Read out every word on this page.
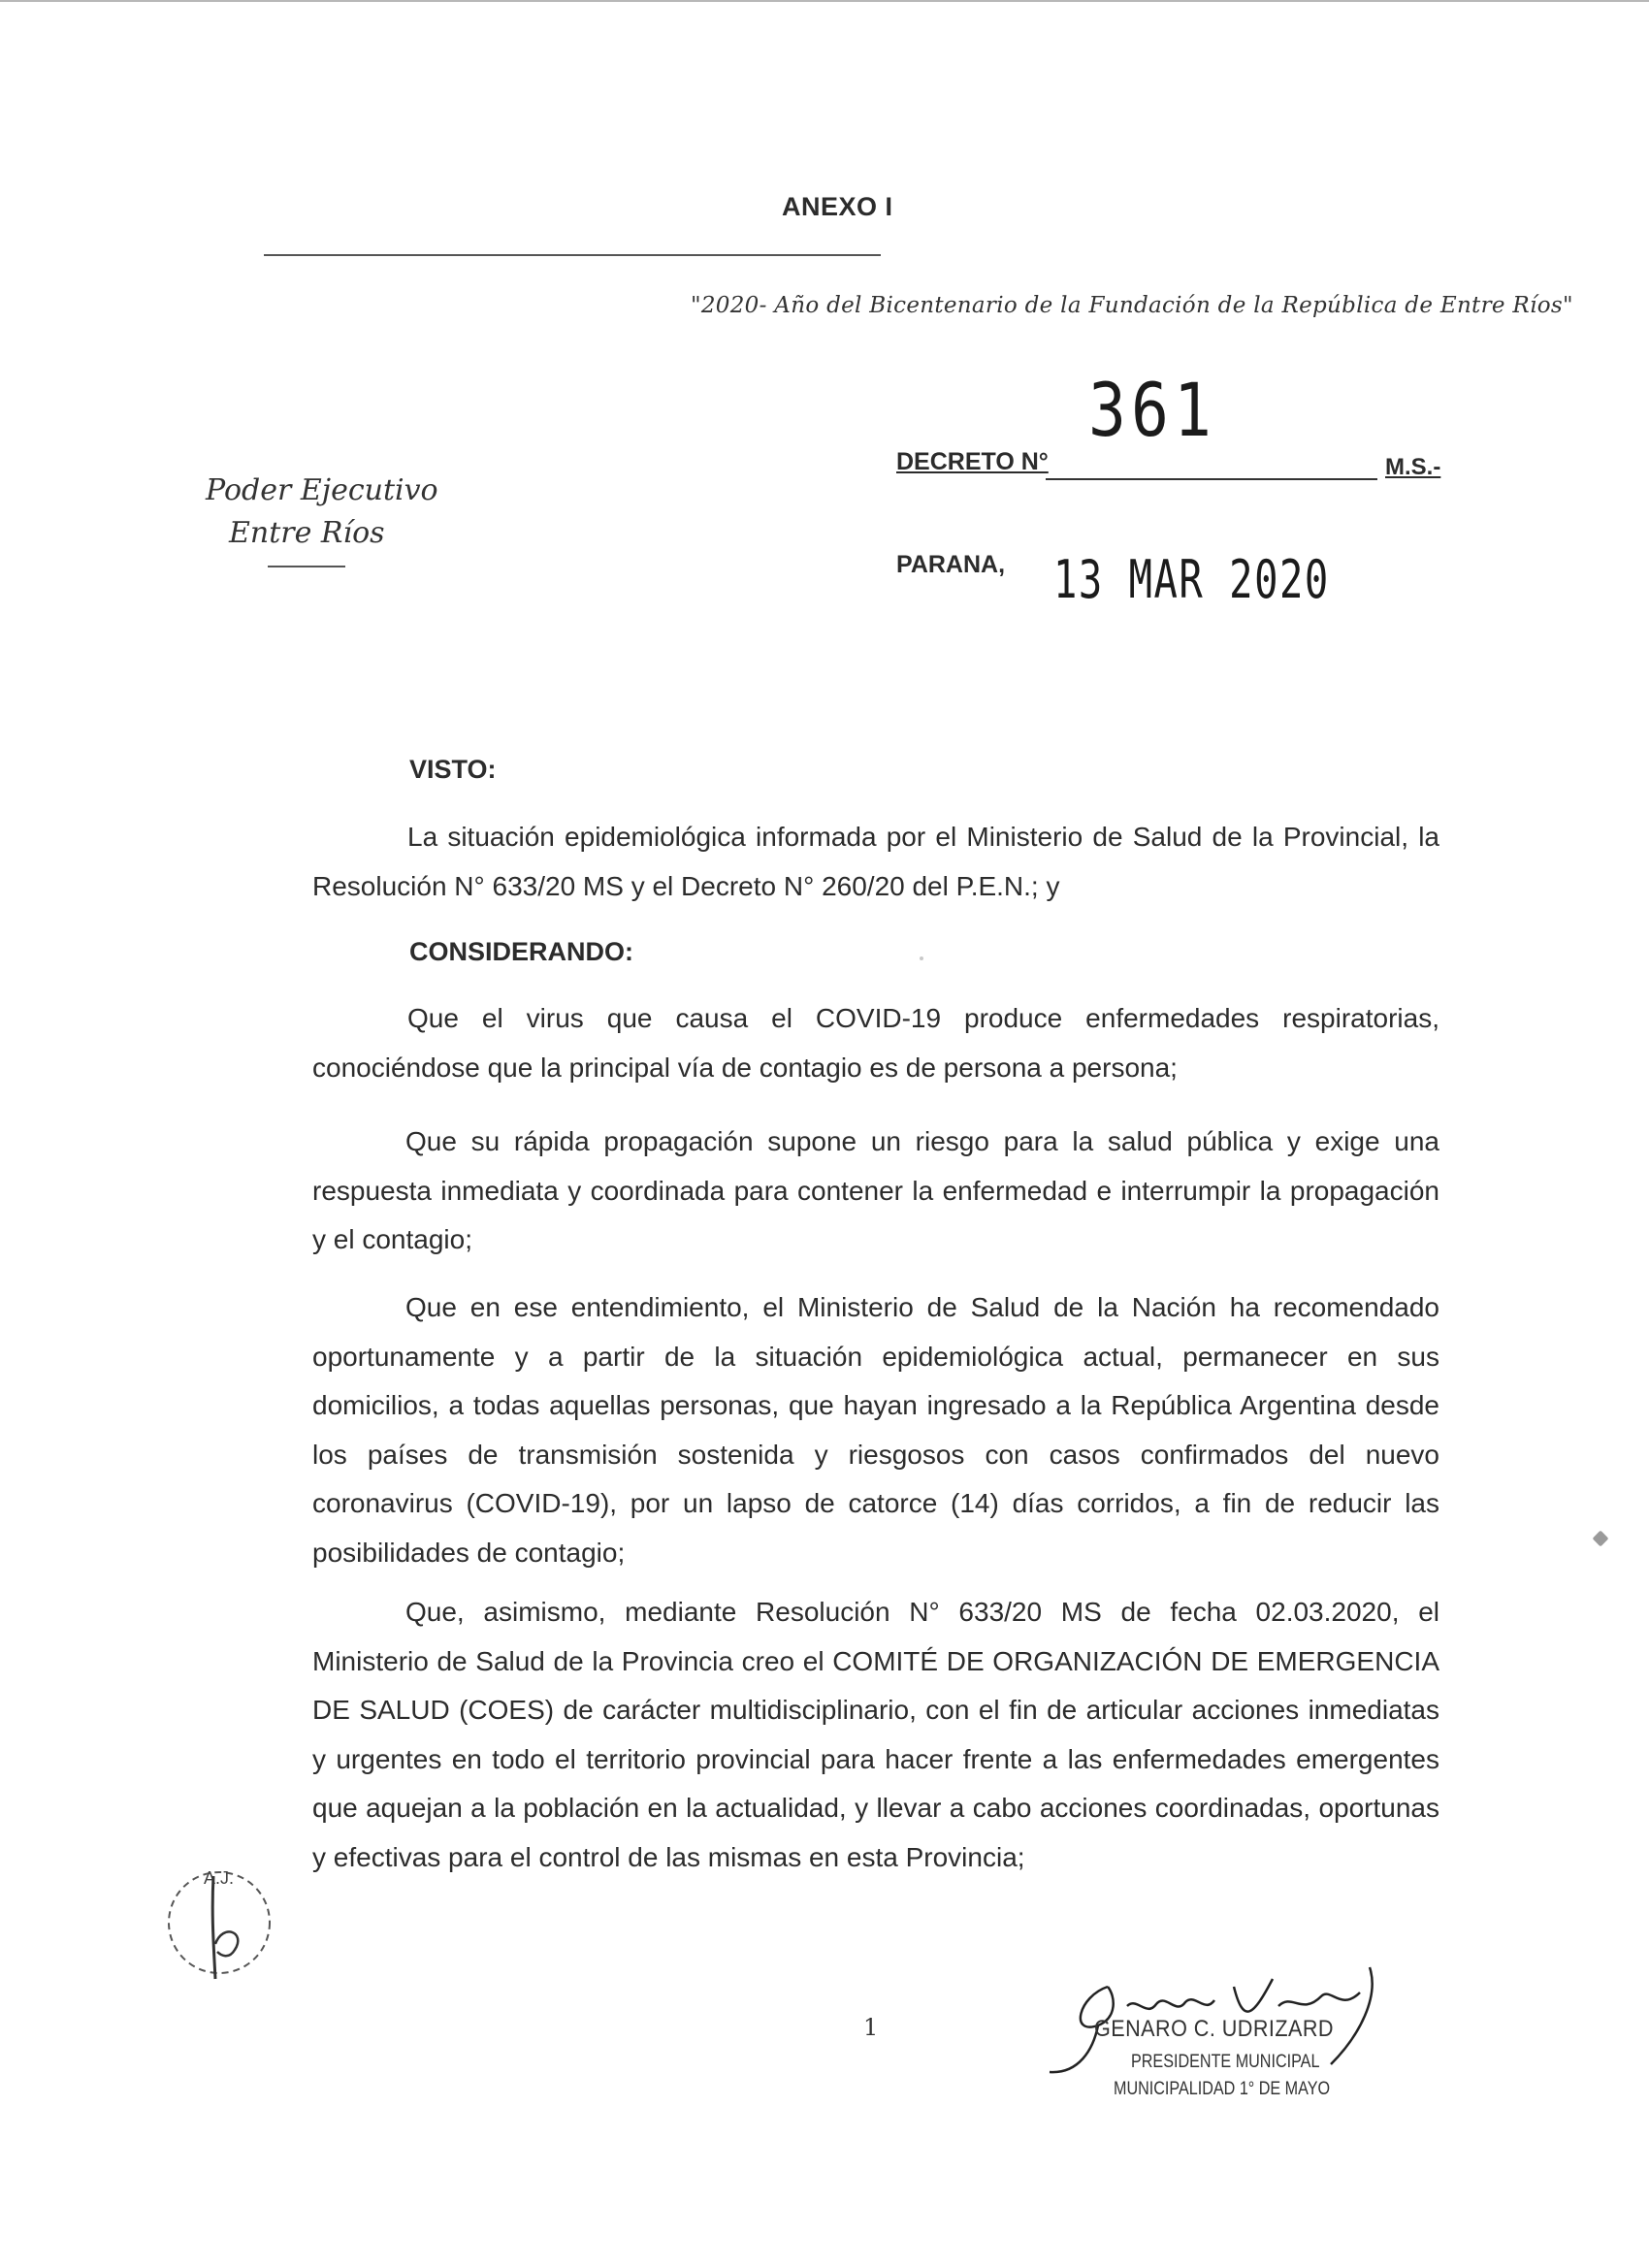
ANEXO I
"2020- Año del Bicentenario de la Fundación de la República de Entre Ríos"
361
DECRETO N°	M.S.-
Poder Ejecutivo
Entre Ríos
PARANA, 13 MAR 2020
VISTO:

La situación epidemiológica informada por el Ministerio de Salud de la Provincial, la Resolución N° 633/20 MS y el Decreto N° 260/20 del P.E.N.; y

CONSIDERANDO:

Que el virus que causa el COVID-19 produce enfermedades respiratorias, conociéndose que la principal vía de contagio es de persona a persona;

Que su rápida propagación supone un riesgo para la salud pública y exige una respuesta inmediata y coordinada para contener la enfermedad e interrumpir la propagación y el contagio;

Que en ese entendimiento, el Ministerio de Salud de la Nación ha recomendado oportunamente y a partir de la situación epidemiológica actual, permanecer en sus domicilios, a todas aquellas personas, que hayan ingresado a la República Argentina desde los países de transmisión sostenida y riesgosos con casos confirmados del nuevo coronavirus (COVID-19), por un lapso de catorce (14) días corridos, a fin de reducir las posibilidades de contagio;

Que, asimismo, mediante Resolución N° 633/20 MS de fecha 02.03.2020, el Ministerio de Salud de la Provincia creo el COMITÉ DE ORGANIZACIÓN DE EMERGENCIA DE SALUD (COES) de carácter multidisciplinario, con el fin de articular acciones inmediatas y urgentes en todo el territorio provincial para hacer frente a las enfermedades emergentes que aquejan a la población en la actualidad, y llevar a cabo acciones coordinadas, oportunas y efectivas para el control de las mismas en esta Provincia;

A.J.
1	GENARO C. UDRIZARD
PRESIDENTE MUNICIPAL
MUNICIPALIDAD 1° DE MAYO
